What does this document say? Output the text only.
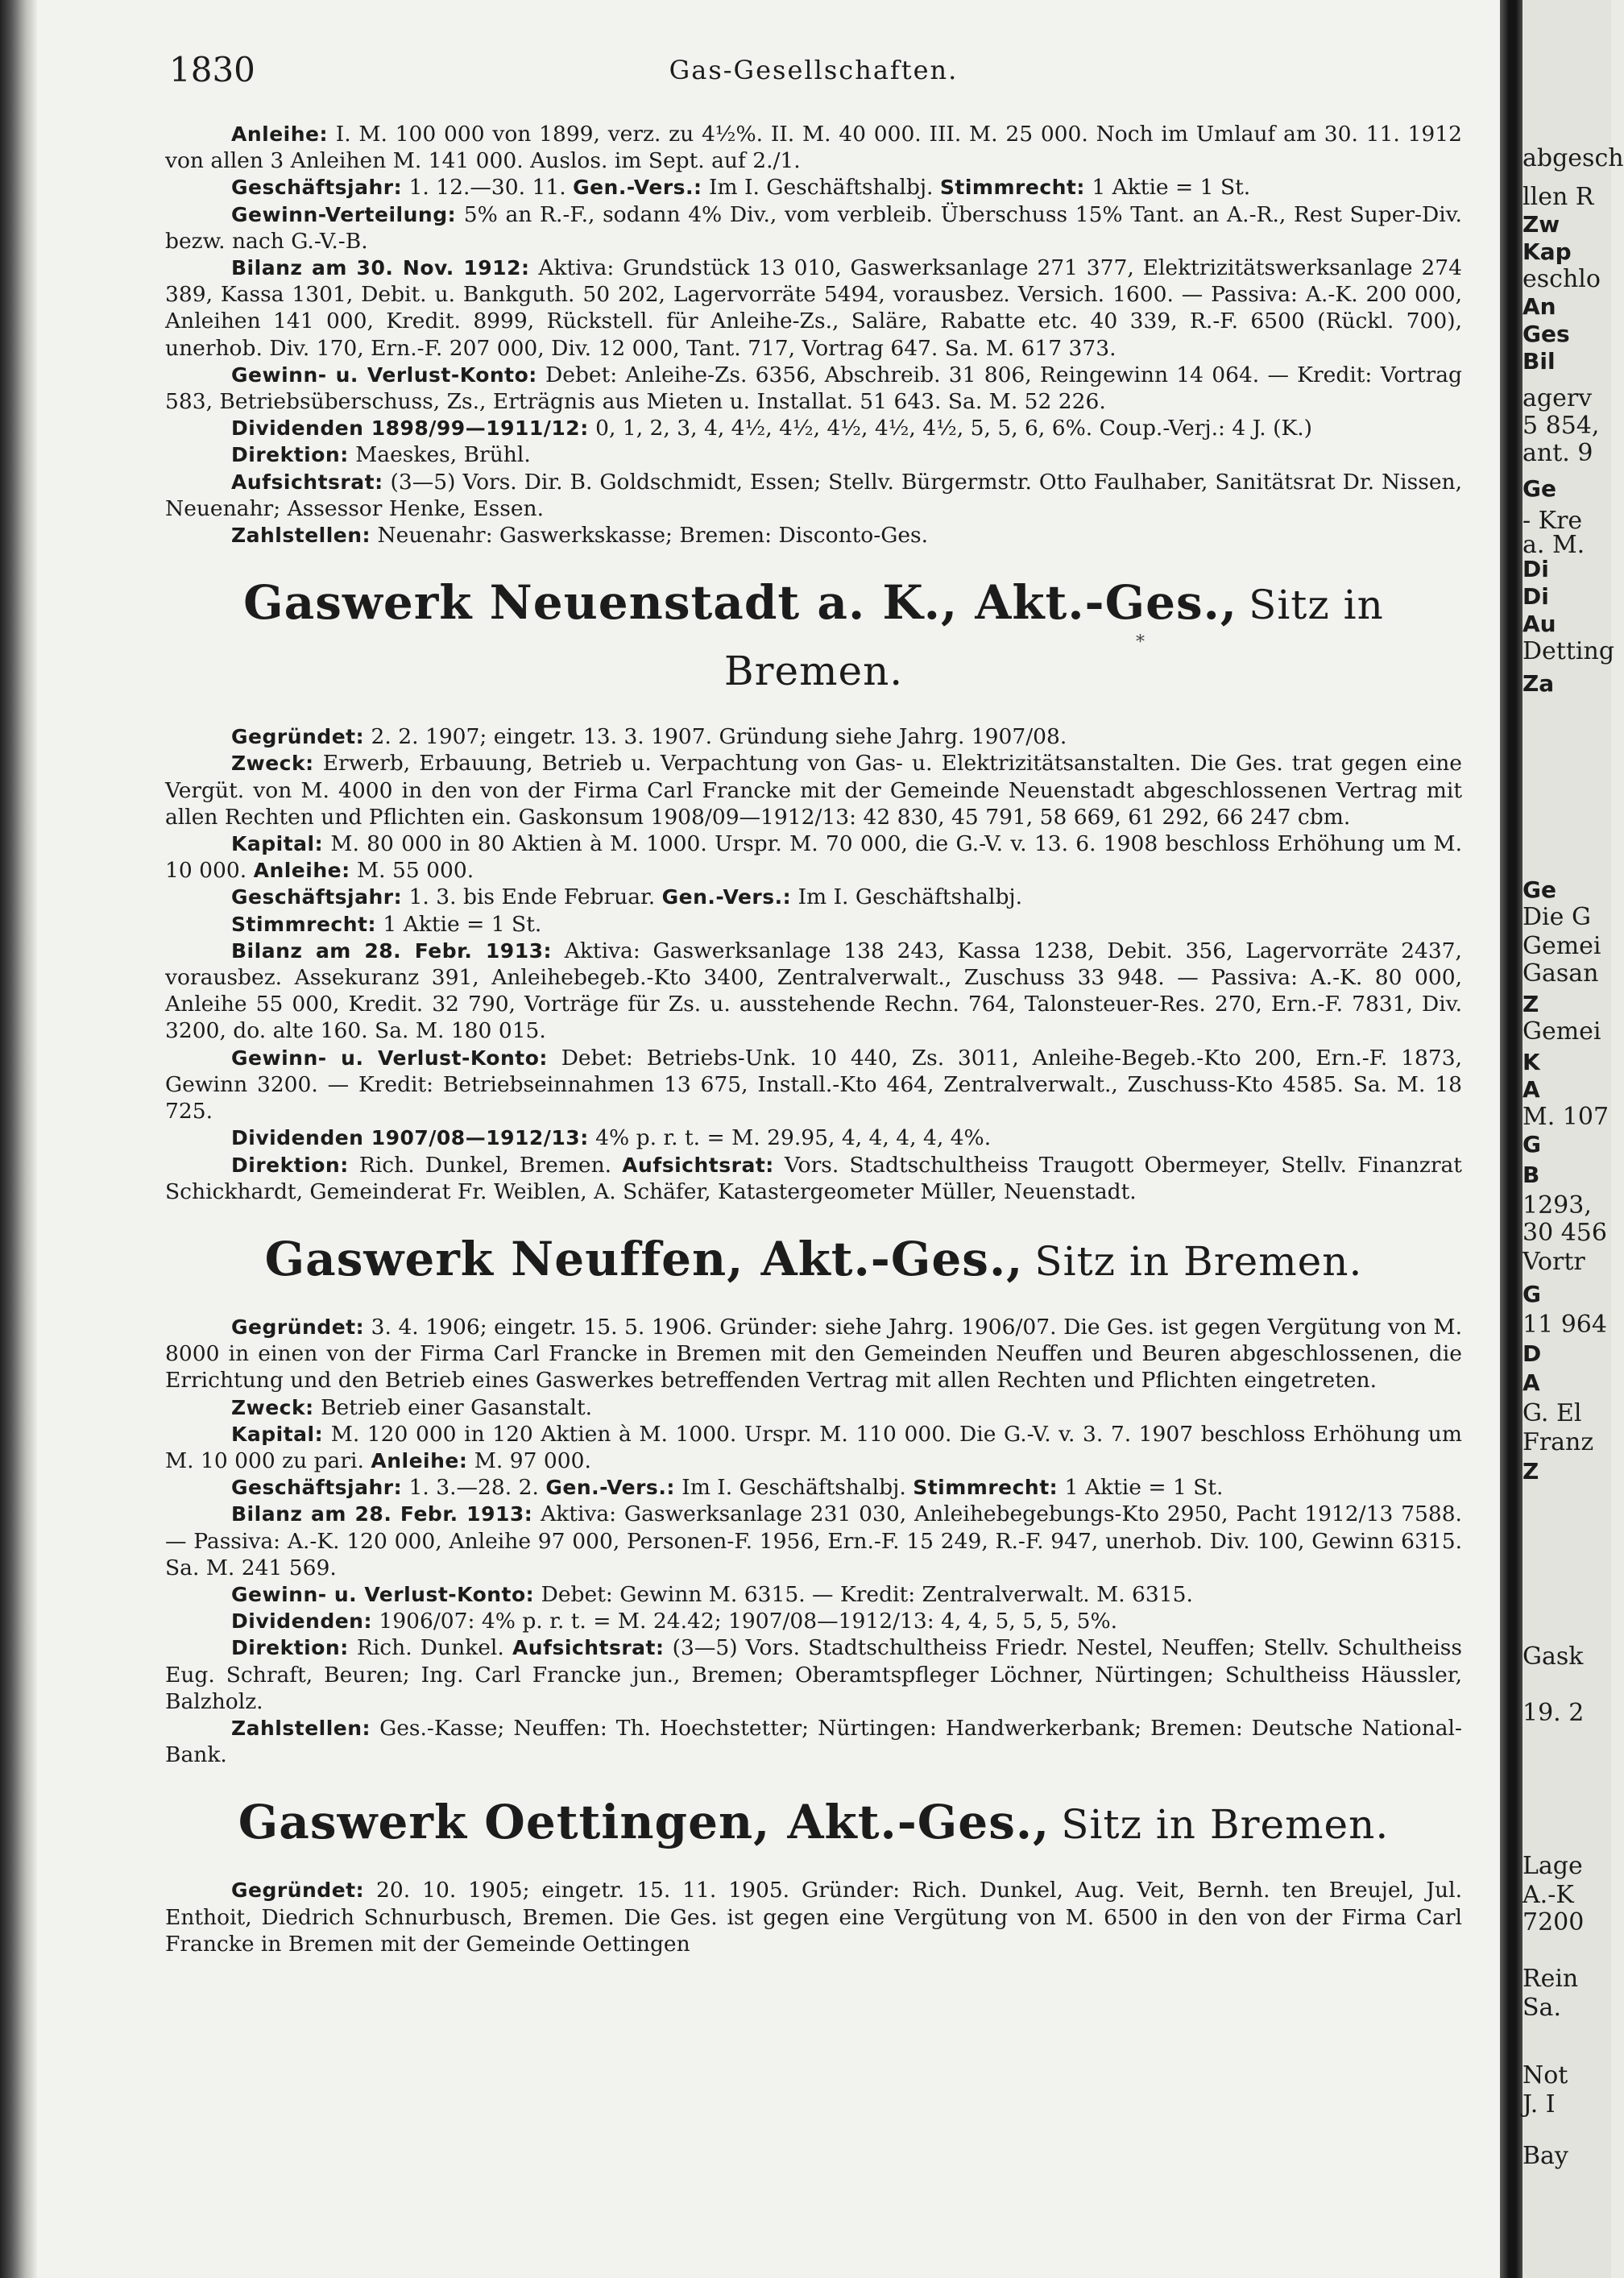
1830	Gas-Gesellschaften.

Anleihe: I. M. 100 000 von 1899, verz. zu 4½%. II. M. 40 000. III. M. 25 000. Noch im Umlauf am 30. 11. 1912 von allen 3 Anleihen M. 141 000. Auslos. im Sept. auf 2./1.

Geschäftsjahr: 1. 12.—30. 11. Gen.-Vers.: Im I. Geschäftshalbj. Stimmrecht: 1 Aktie = 1 St.

Gewinn-Verteilung: 5% an R.-F., sodann 4% Div., vom verbleib. Überschuss 15% Tant. an A.-R., Rest Super-Div. bezw. nach G.-V.-B.

Bilanz am 30. Nov. 1912: Aktiva: Grundstück 13 010, Gaswerksanlage 271 377, Elektrizitätswerksanlage 274 389, Kassa 1301, Debit. u. Bankguth. 50 202, Lagervorräte 5494, vorausbez. Versich. 1600. — Passiva: A.-K. 200 000, Anleihen 141 000, Kredit. 8999, Rückstell. für Anleihe-Zs., Saläre, Rabatte etc. 40 339, R.-F. 6500 (Rückl. 700), unerhob. Div. 170, Ern.-F. 207 000, Div. 12 000, Tant. 717, Vortrag 647. Sa. M. 617 373.

Gewinn- u. Verlust-Konto: Debet: Anleihe-Zs. 6356, Abschreib. 31 806, Reingewinn 14 064. — Kredit: Vortrag 583, Betriebsüberschuss, Zs., Erträgnis aus Mieten u. Installat. 51 643. Sa. M. 52 226.

Dividenden 1898/99—1911/12: 0, 1, 2, 3, 4, 4½, 4½, 4½, 4½, 4½, 5, 5, 6, 6%. Coup.-Verj.: 4 J. (K.)

Direktion: Maeskes, Brühl.

Aufsichtsrat: (3—5) Vors. Dir. B. Goldschmidt, Essen; Stellv. Bürgermstr. Otto Faulhaber, Sanitätsrat Dr. Nissen, Neuenahr; Assessor Henke, Essen.

Zahlstellen: Neuenahr: Gaswerkskasse; Bremen: Disconto-Ges.

Gaswerk Neuenstadt a. K., Akt.-Ges., Sitz in Bremen.

Gegründet: 2. 2. 1907; eingetr. 13. 3. 1907. Gründung siehe Jahrg. 1907/08.

Zweck: Erwerb, Erbauung, Betrieb u. Verpachtung von Gas- u. Elektrizitätsanstalten. Die Ges. trat gegen eine Vergüt. von M. 4000 in den von der Firma Carl Francke mit der Gemeinde Neuenstadt abgeschlossenen Vertrag mit allen Rechten und Pflichten ein. Gaskonsum 1908/09—1912/13: 42 830, 45 791, 58 669, 61 292, 66 247 cbm.

Kapital: M. 80 000 in 80 Aktien à M. 1000. Urspr. M. 70 000, die G.-V. v. 13. 6. 1908 beschloss Erhöhung um M. 10 000. Anleihe: M. 55 000.

Geschäftsjahr: 1. 3. bis Ende Februar. Gen.-Vers.: Im I. Geschäftshalbj.

Stimmrecht: 1 Aktie = 1 St.

Bilanz am 28. Febr. 1913: Aktiva: Gaswerksanlage 138 243, Kassa 1238, Debit. 356, Lagervorräte 2437, vorausbez. Assekuranz 391, Anleihebegeb.-Kto 3400, Zentralverwalt., Zuschuss 33 948. — Passiva: A.-K. 80 000, Anleihe 55 000, Kredit. 32 790, Vorträge für Zs. u. ausstehende Rechn. 764, Talonsteuer-Res. 270, Ern.-F. 7831, Div. 3200, do. alte 160. Sa. M. 180 015.

Gewinn- u. Verlust-Konto: Debet: Betriebs-Unk. 10 440, Zs. 3011, Anleihe-Begeb.-Kto 200, Ern.-F. 1873, Gewinn 3200. — Kredit: Betriebseinnahmen 13 675, Install.-Kto 464, Zentralverwalt., Zuschuss-Kto 4585. Sa. M. 18 725.

Dividenden 1907/08—1912/13: 4% p. r. t. = M. 29.95, 4, 4, 4, 4, 4%.

Direktion: Rich. Dunkel, Bremen. Aufsichtsrat: Vors. Stadtschultheiss Traugott Obermeyer, Stellv. Finanzrat Schickhardt, Gemeinderat Fr. Weiblen, A. Schäfer, Katastergeometer Müller, Neuenstadt.

Gaswerk Neuffen, Akt.-Ges., Sitz in Bremen.

Gegründet: 3. 4. 1906; eingetr. 15. 5. 1906. Gründer: siehe Jahrg. 1906/07. Die Ges. ist gegen Vergütung von M. 8000 in einen von der Firma Carl Francke in Bremen mit den Gemeinden Neuffen und Beuren abgeschlossenen, die Errichtung und den Betrieb eines Gaswerkes betreffenden Vertrag mit allen Rechten und Pflichten eingetreten.

Zweck: Betrieb einer Gasanstalt.

Kapital: M. 120 000 in 120 Aktien à M. 1000. Urspr. M. 110 000. Die G.-V. v. 3. 7. 1907 beschloss Erhöhung um M. 10 000 zu pari. Anleihe: M. 97 000.

Geschäftsjahr: 1. 3.—28. 2. Gen.-Vers.: Im I. Geschäftshalbj. Stimmrecht: 1 Aktie = 1 St.

Bilanz am 28. Febr. 1913: Aktiva: Gaswerksanlage 231 030, Anleihebegebungs-Kto 2950, Pacht 1912/13 7588. — Passiva: A.-K. 120 000, Anleihe 97 000, Personen-F. 1956, Ern.-F. 15 249, R.-F. 947, unerhob. Div. 100, Gewinn 6315. Sa. M. 241 569.

Gewinn- u. Verlust-Konto: Debet: Gewinn M. 6315. — Kredit: Zentralverwalt. M. 6315.

Dividenden: 1906/07: 4% p. r. t. = M. 24.42; 1907/08—1912/13: 4, 4, 5, 5, 5, 5%.

Direktion: Rich. Dunkel. Aufsichtsrat: (3—5) Vors. Stadtschultheiss Friedr. Nestel, Neuffen; Stellv. Schultheiss Eug. Schraft, Beuren; Ing. Carl Francke jun., Bremen; Oberamtspfleger Löchner, Nürtingen; Schultheiss Häussler, Balzholz.

Zahlstellen: Ges.-Kasse; Neuffen: Th. Hoechstetter; Nürtingen: Handwerkerbank; Bremen: Deutsche National-Bank.

Gaswerk Oettingen, Akt.-Ges., Sitz in Bremen.

Gegründet: 20. 10. 1905; eingetr. 15. 11. 1905. Gründer: Rich. Dunkel, Aug. Veit, Bernh. ten Breujel, Jul. Enthoit, Diedrich Schnurbusch, Bremen. Die Ges. ist gegen eine Vergütung von M. 6500 in den von der Firma Carl Francke in Bremen mit der Gemeinde Oettingen

*
abgesch
llen R
Zw
Kap
eschlo
An
Ges
Bil
agerv
5 854,
ant. 9
Ge
- Kre
a. M.
Di
Di
Au
Detting
Za
Ge
Die G
Gemei
Gasan
Z
Gemei
K
A
M. 107
G
B
1293,
30 456
Vortr
G
11 964
D
A
G. El
Franz
Z
Gask
19. 2
Lage
A.-K
7200
Rein
Sa.
Not
J. I
Bay
